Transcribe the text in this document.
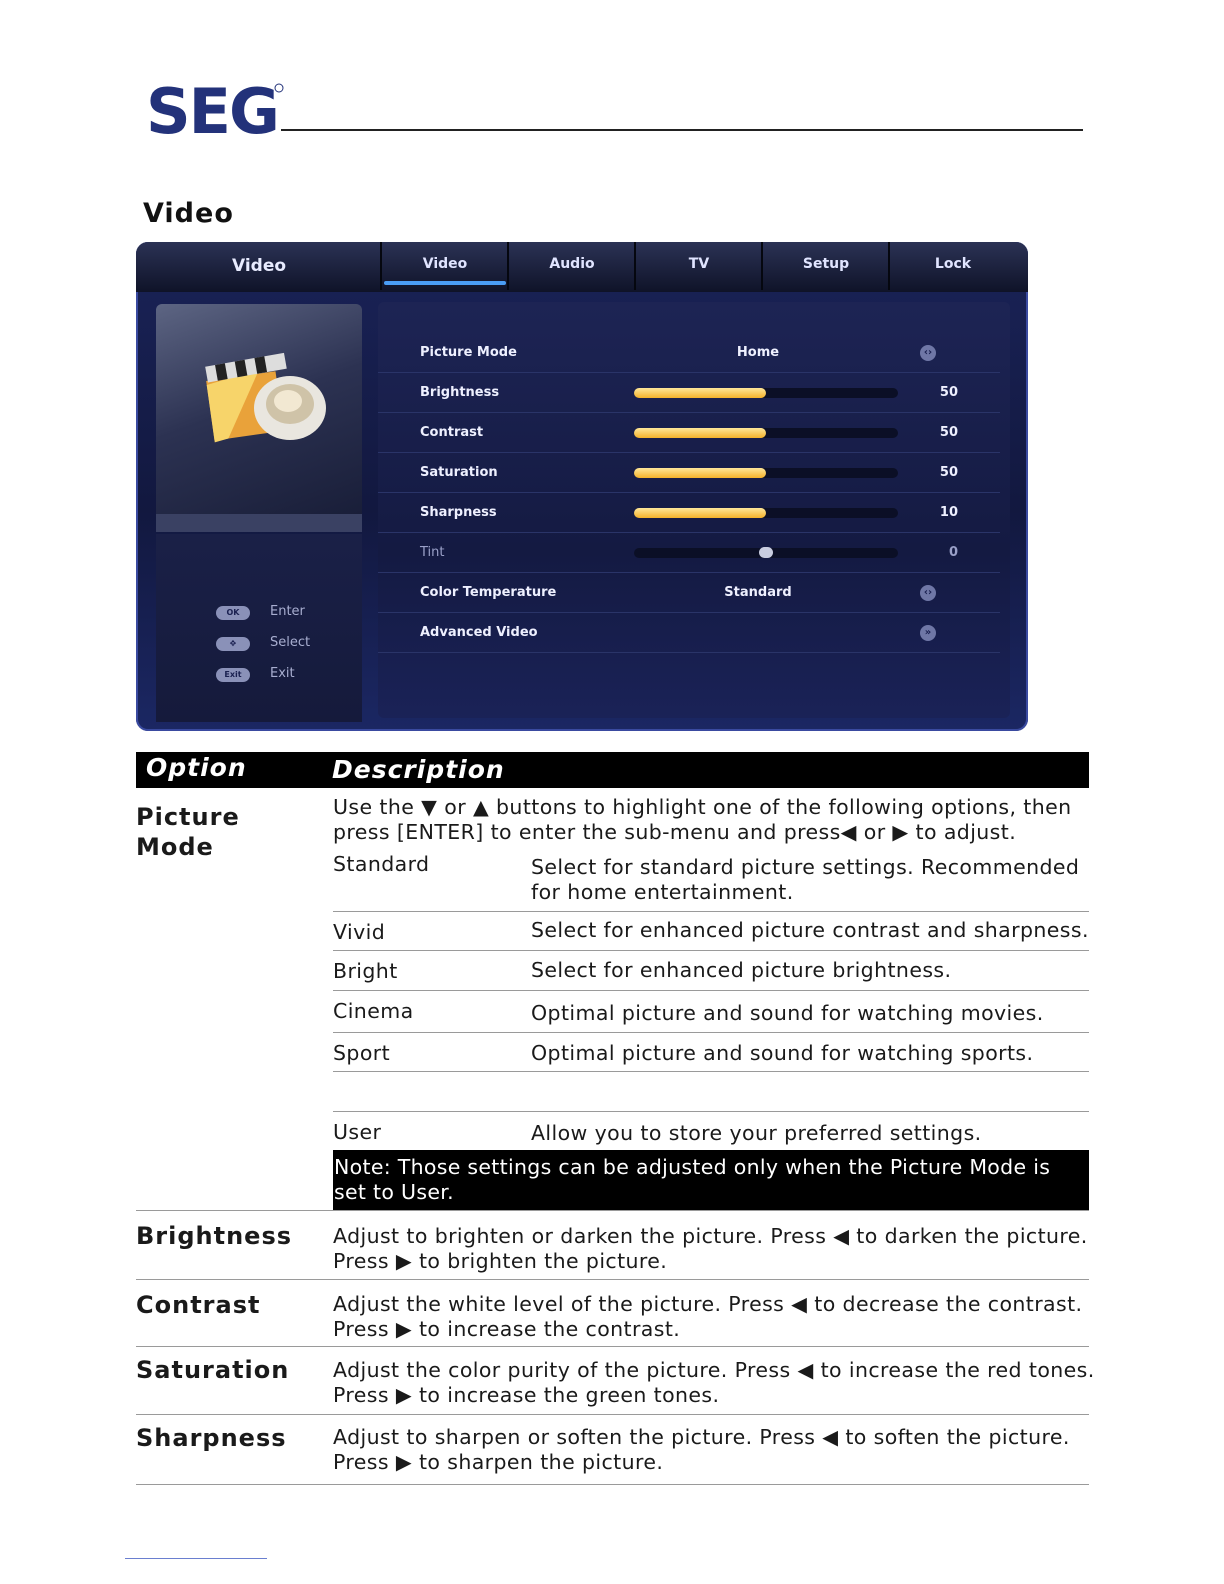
SEG
Video
Video	Video	Audio	TV	Setup	Lock
OK	Enter
✥	Select
Exit	Exit
Picture Mode	Home	‹›
Brightness	50
Contrast	50
Saturation	50
Sharpness	10
Tint	0
Color Temperature	Standard	‹›
Advanced Video	»
Option	Description
Picture
Mode
Use the ▼ or ▲ buttons to highlight one of the following options, then
press [ENTER] to enter the sub-menu and press◀ or ▶ to adjust.
Standard	Select for standard picture settings. Recommended
for home entertainment.
Vivid	Select for enhanced picture contrast and sharpness.
Bright	Select for enhanced picture brightness.
Cinema	Optimal picture and sound for watching movies.
Sport	Optimal picture and sound for watching sports.
User	Allow you to store your preferred settings.
Note: Those settings can be adjusted only when the Picture Mode is
set to User.
Brightness Adjust to brighten or darken the picture. Press ◀ to darken the picture.
Press ▶ to brighten the picture.
Contrast	Adjust the white level of the picture. Press ◀ to decrease the contrast.
Press ▶ to increase the contrast.
Saturation Adjust the color purity of the picture. Press ◀ to increase the red tones.
Press ▶ to increase the green tones.
Sharpness Adjust to sharpen or soften the picture. Press ◀ to soften the picture.
Press ▶ to sharpen the picture.
